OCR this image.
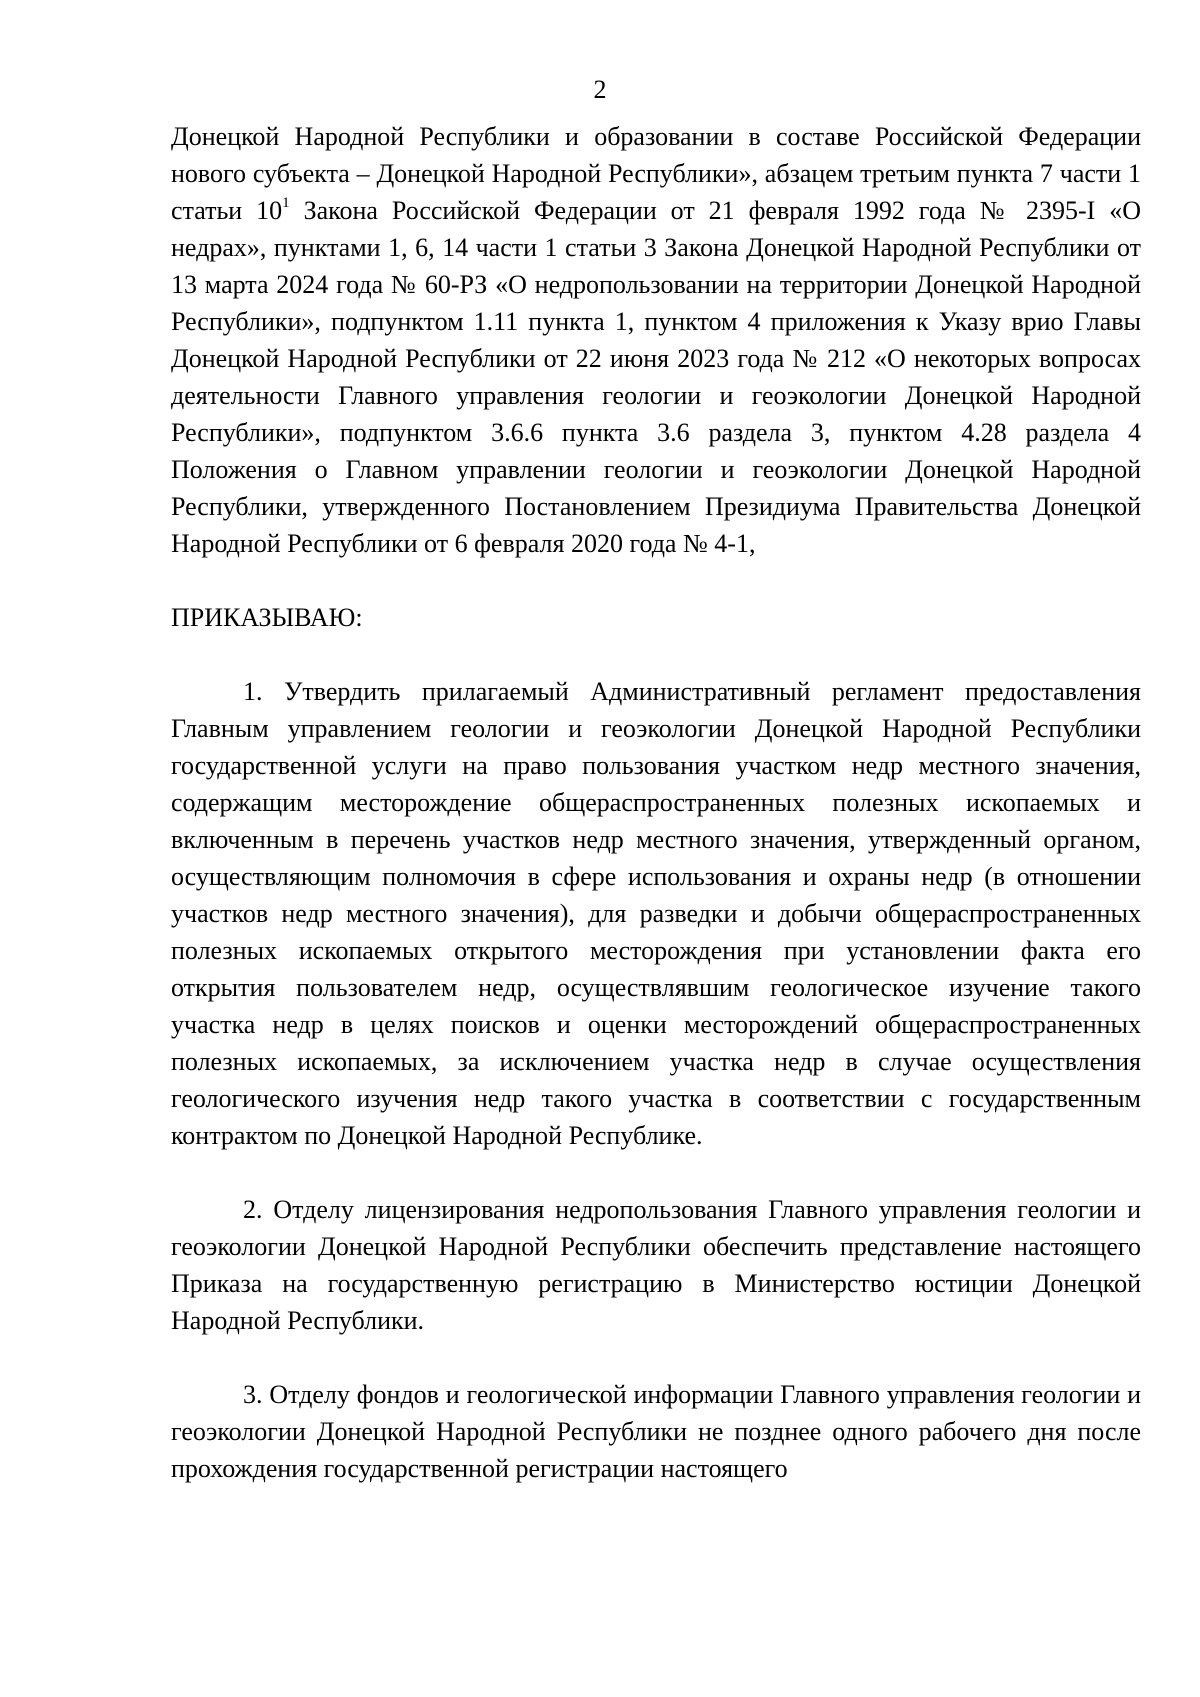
2

Донецкой Народной Республики и образовании в составе Российской Федерации нового субъекта – Донецкой Народной Республики», абзацем третьим пункта 7 части 1 статьи $10^1$ Закона Российской Федерации от 21 февраля 1992 года № 2395-I «О недрах», пунктами 1, 6, 14 части 1 статьи 3 Закона Донецкой Народной Республики от 13 марта 2024 года № 60-РЗ «О недропользовании на территории Донецкой Народной Республики», подпунктом 1.11 пункта 1, пунктом 4 приложения к Указу врио Главы Донецкой Народной Республики от 22 июня 2023 года № 212 «О некоторых вопросах деятельности Главного управления геологии и геоэкологии Донецкой Народной Республики», подпунктом 3.6.6 пункта 3.6 раздела 3, пунктом 4.28 раздела 4 Положения о Главном управлении геологии и геоэкологии Донецкой Народной Республики, утвержденного Постановлением Президиума Правительства Донецкой Народной Республики от 6 февраля 2020 года № 4-1,

ПРИКАЗЫВАЮ:

1. Утвердить прилагаемый Административный регламент предоставления Главным управлением геологии и геоэкологии Донецкой Народной Республики государственной услуги на право пользования участком недр местного значения, содержащим месторождение общераспространенных полезных ископаемых и включенным в перечень участков недр местного значения, утвержденный органом, осуществляющим полномочия в сфере использования и охраны недр (в отношении участков недр местного значения), для разведки и добычи общераспространенных полезных ископаемых открытого месторождения при установлении факта его открытия пользователем недр, осуществлявшим геологическое изучение такого участка недр в целях поисков и оценки месторождений общераспространенных полезных ископаемых, за исключением участка недр в случае осуществления геологического изучения недр такого участка в соответствии с государственным контрактом по Донецкой Народной Республике.

2. Отделу лицензирования недропользования Главного управления геологии и геоэкологии Донецкой Народной Республики обеспечить представление настоящего Приказа на государственную регистрацию в Министерство юстиции Донецкой Народной Республики.

3. Отделу фондов и геологической информации Главного управления геологии и геоэкологии Донецкой Народной Республики не позднее одного рабочего дня после прохождения государственной регистрации настоящего
